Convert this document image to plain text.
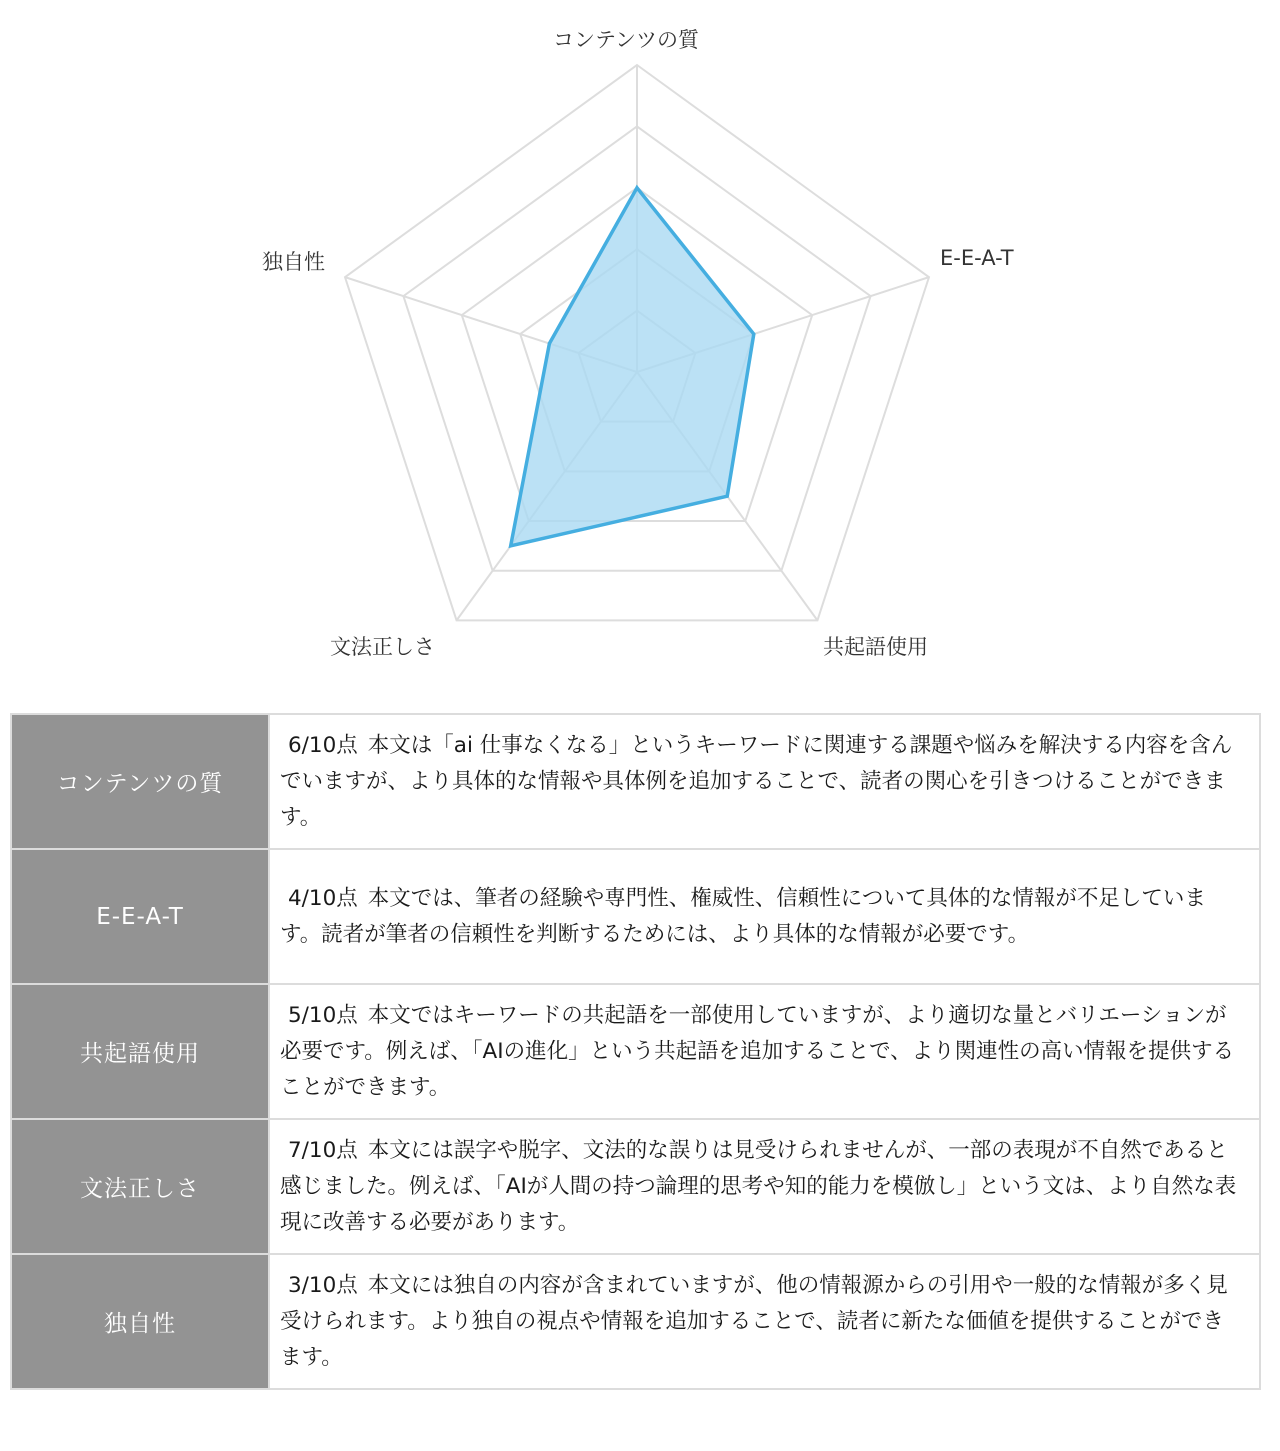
コンテンツの質
E-E-A-T
共起語使用
文法正しさ
独自性
コンテンツの質	6/10点 本文は「ai 仕事なくなる」というキーワードに関連する課題や悩みを解決する内容を含んでいますが、より具体的な情報や具体例を追加することで、読者の関心を引きつけることができます。
E-E-A-T	4/10点 本文では、筆者の経験や専門性、権威性、信頼性について具体的な情報が不足しています。読者が筆者の信頼性を判断するためには、より具体的な情報が必要です。
共起語使用	5/10点 本文ではキーワードの共起語を一部使用していますが、より適切な量とバリエーションが必要です。例えば、「AIの進化」という共起語を追加することで、より関連性の高い情報を提供することができます。
文法正しさ	7/10点 本文には誤字や脱字、文法的な誤りは見受けられませんが、一部の表現が不自然であると感じました。例えば、「AIが人間の持つ論理的思考や知的能力を模倣し」という文は、より自然な表現に改善する必要があります。
独自性	3/10点 本文には独自の内容が含まれていますが、他の情報源からの引用や一般的な情報が多く見受けられます。より独自の視点や情報を追加することで、読者に新たな価値を提供することができます。
